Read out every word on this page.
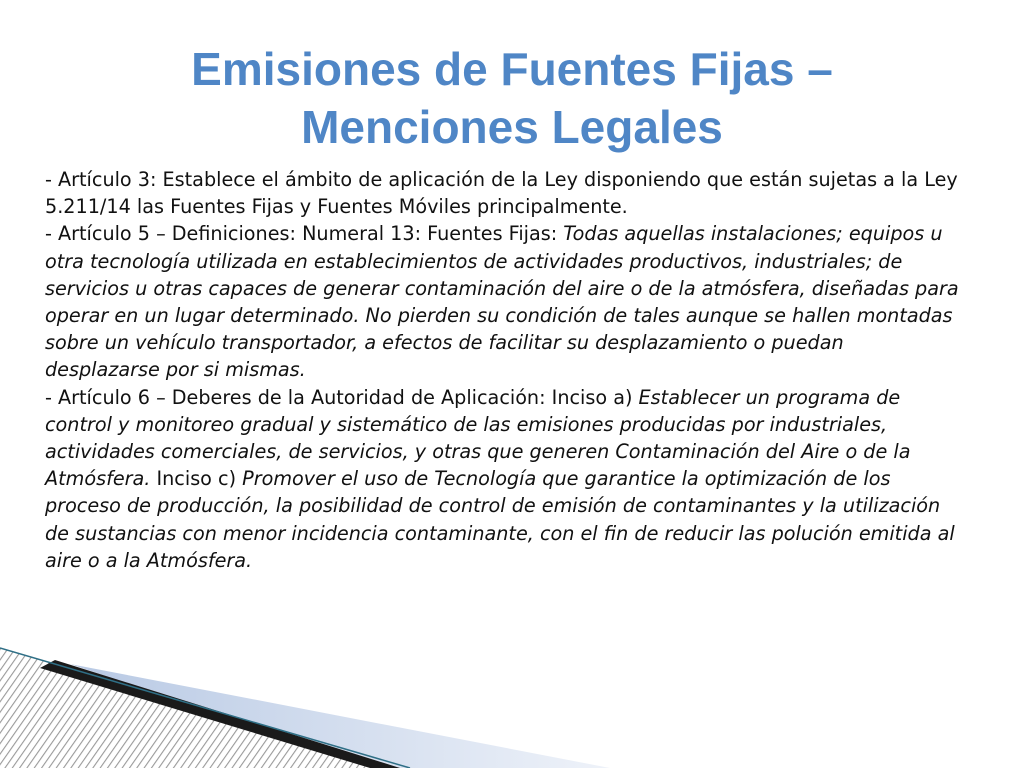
Emisiones de Fuentes Fijas –
Menciones Legales

- Artículo 3: Establece el ámbito de aplicación de la Ley disponiendo que están sujetas a la Ley 5.211/14 las Fuentes Fijas y Fuentes Móviles principalmente.

- Artículo 5 – Definiciones: Numeral 13: Fuentes Fijas: Todas aquellas instalaciones; equipos u otra tecnología utilizada en establecimientos de actividades productivos, industriales; de servicios u otras capaces de generar contaminación del aire o de la atmósfera, diseñadas para operar en un lugar determinado. No pierden su condición de tales aunque se hallen montadas sobre un vehículo transportador, a efectos de facilitar su desplazamiento o puedan desplazarse por si mismas.

- Artículo 6 – Deberes de la Autoridad de Aplicación: Inciso a) Establecer un programa de control y monitoreo gradual y sistemático de las emisiones producidas por industriales, actividades comerciales, de servicios, y otras que generen Contaminación del Aire o de la Atmósfera. Inciso c) Promover el uso de Tecnología que garantice la optimización de los proceso de producción, la posibilidad de control de emisión de contaminantes y la utilización de sustancias con menor incidencia contaminante, con el fin de reducir las polución emitida al aire o a la Atmósfera.
